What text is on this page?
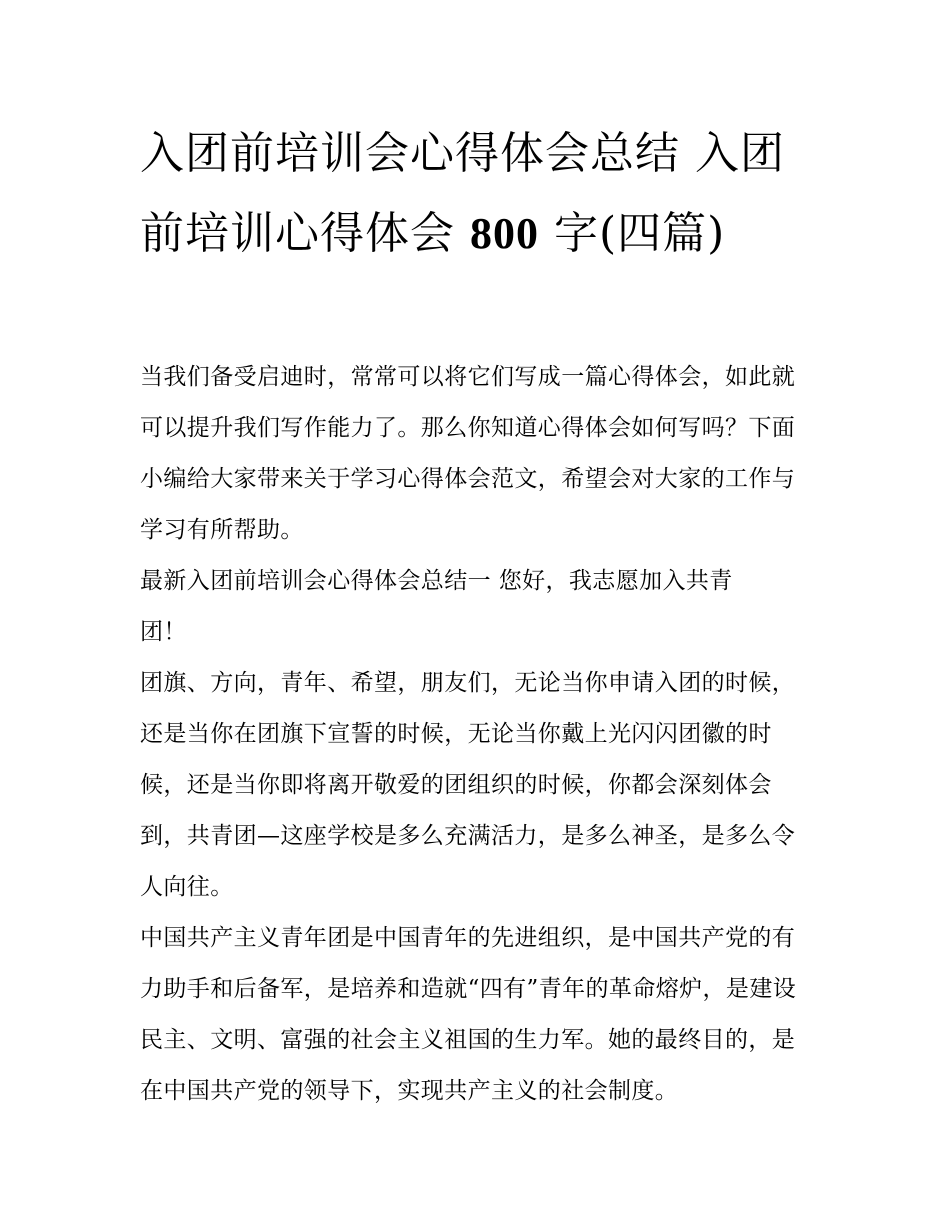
入团前培训会心得体会总结 入团前培训心得体会 800 字(四篇)

当我们备受启迪时，常常可以将它们写成一篇心得体会，如此就可以提升我们写作能力了。那么你知道心得体会如何写吗？下面小编给大家带来关于学习心得体会范文，希望会对大家的工作与学习有所帮助。

最新入团前培训会心得体会总结一 您好，我志愿加入共青

团！

团旗、方向，青年、希望，朋友们，无论当你申请入团的时候，还是当你在团旗下宣誓的时候，无论当你戴上光闪闪团徽的时候，还是当你即将离开敬爱的团组织的时候，你都会深刻体会到，共青团—这座学校是多么充满活力，是多么神圣，是多么令人向往。

中国共产主义青年团是中国青年的先进组织，是中国共产党的有力助手和后备军，是培养和造就“四有”青年的革命熔炉，是建设民主、文明、富强的社会主义祖国的生力军。她的最终目的，是在中国共产党的领导下，实现共产主义的社会制度。
